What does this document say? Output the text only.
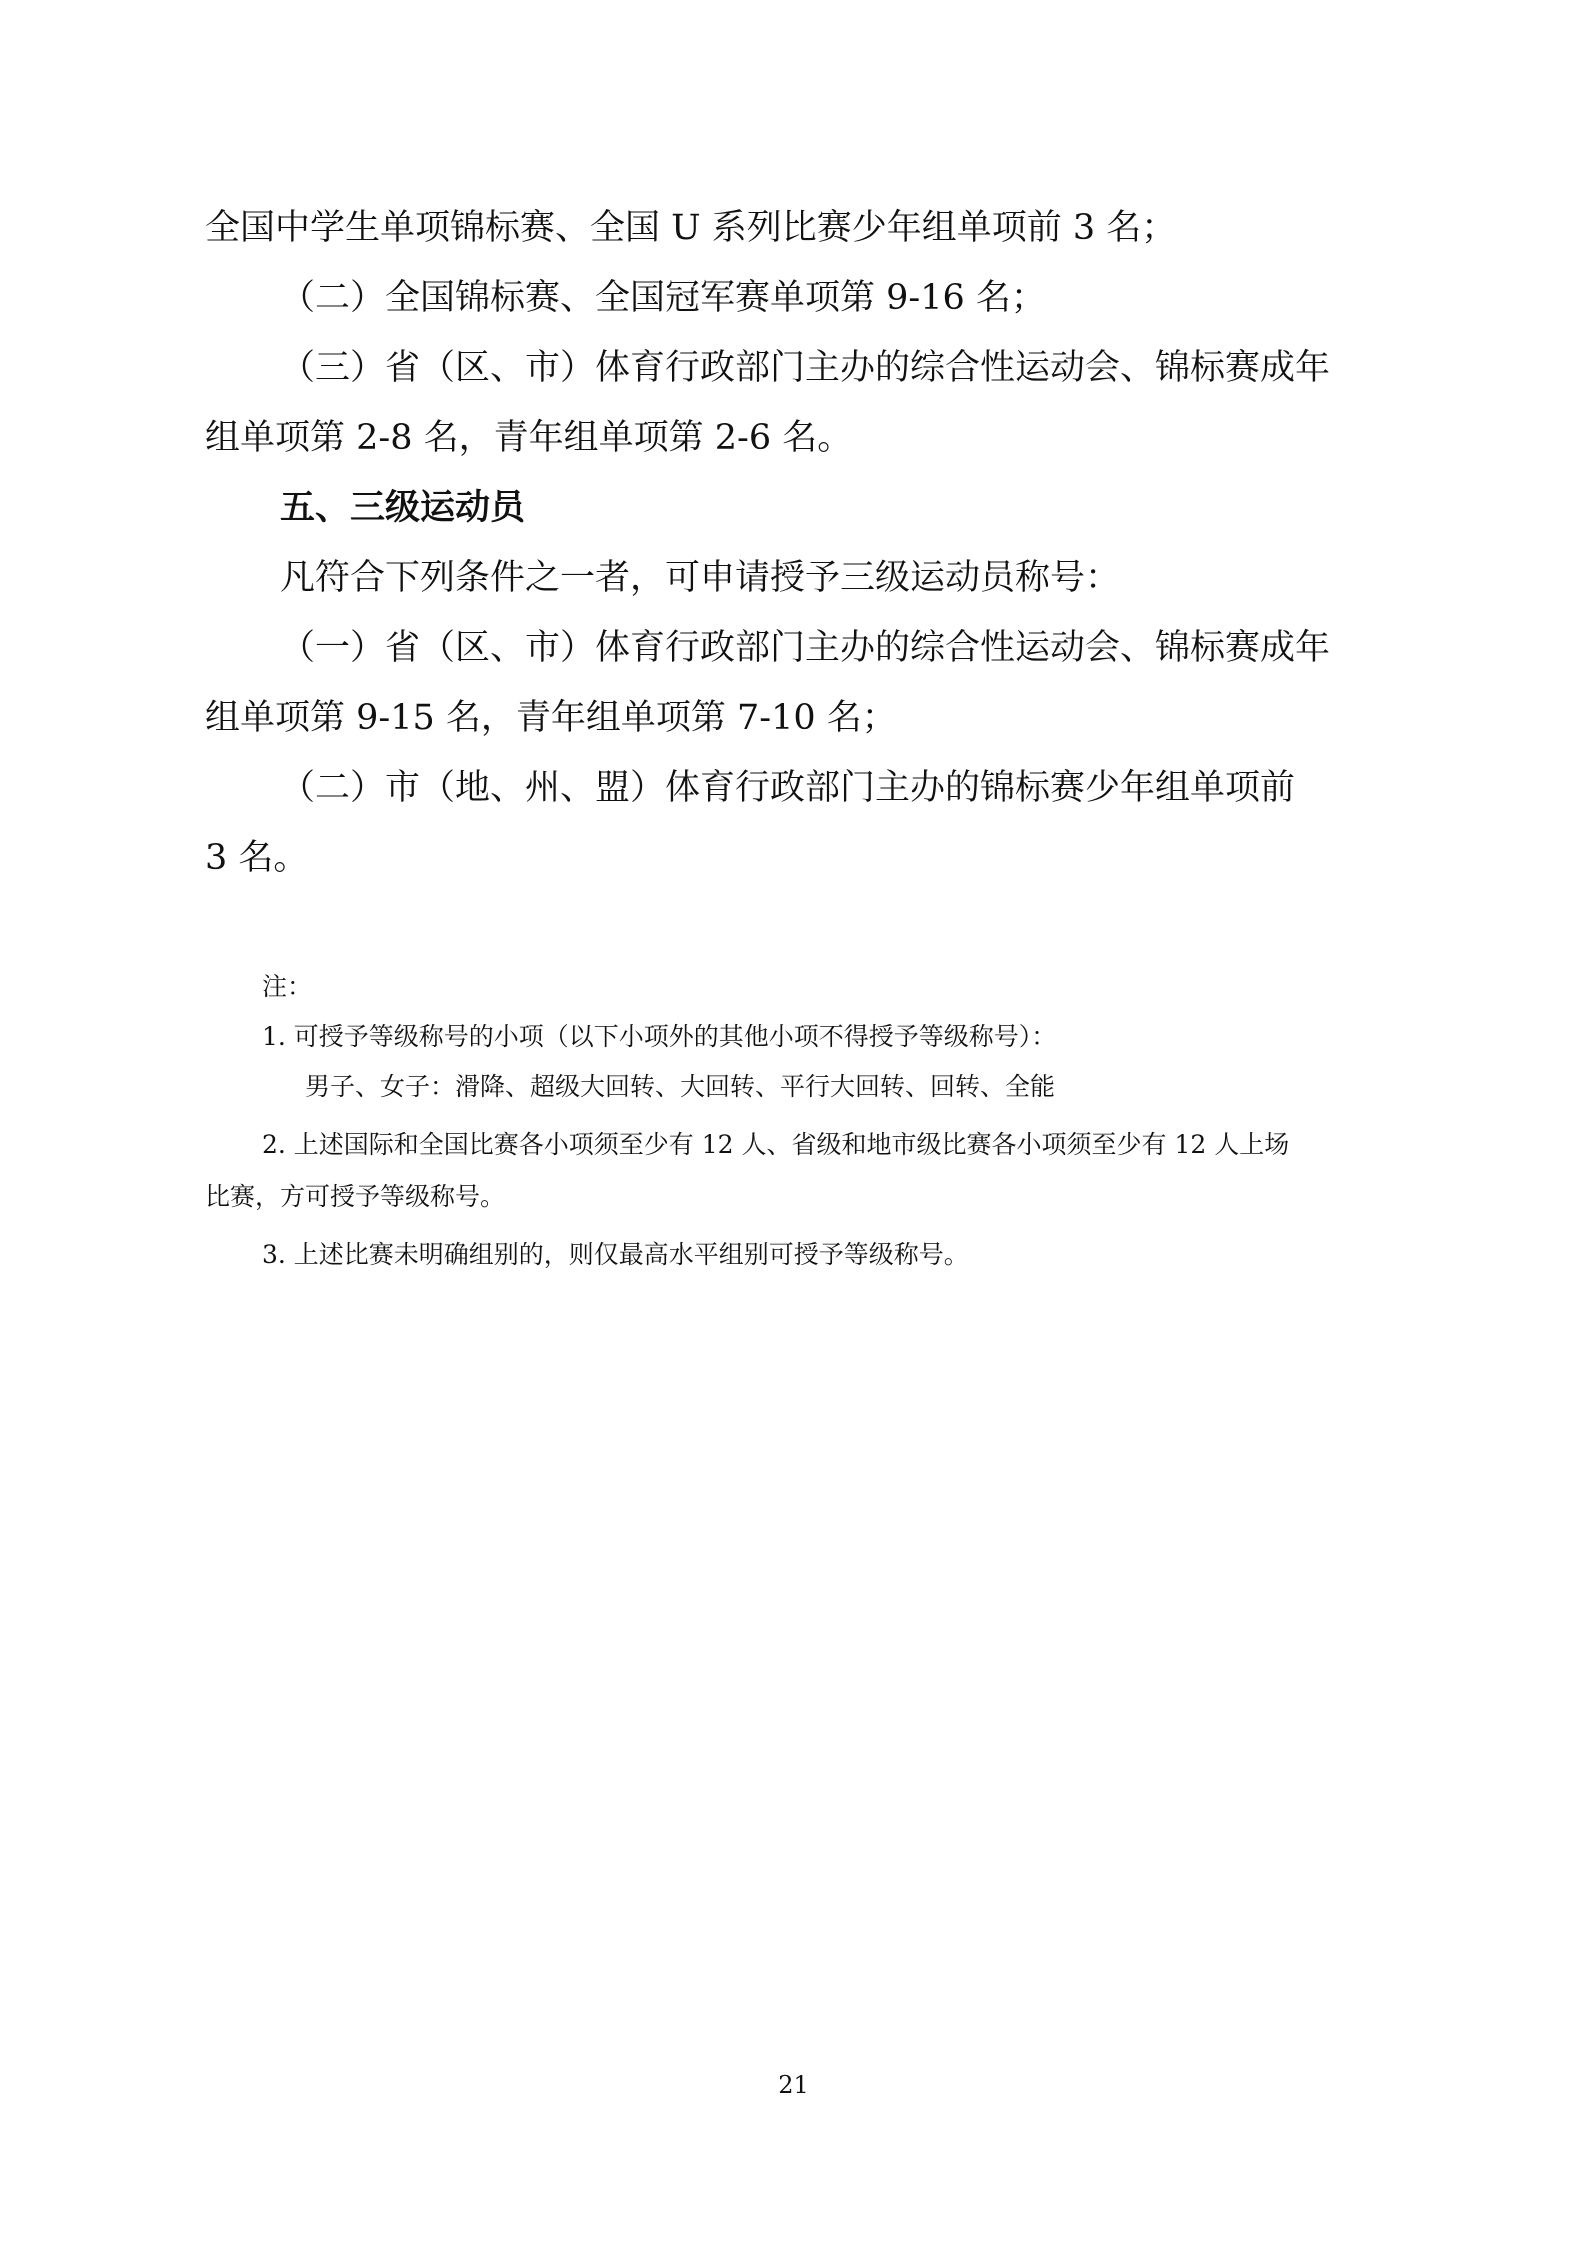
全国中学生单项锦标赛、全国 U 系列比赛少年组单项前 3 名；
（二）全国锦标赛、全国冠军赛单项第 9-16 名；
（三）省（区、市）体育行政部门主办的综合性运动会、锦标赛成年
组单项第 2-8 名，青年组单项第 2-6 名。
五、三级运动员
凡符合下列条件之一者，可申请授予三级运动员称号：
（一）省（区、市）体育行政部门主办的综合性运动会、锦标赛成年
组单项第 9-15 名，青年组单项第 7-10 名；
（二）市（地、州、盟）体育行政部门主办的锦标赛少年组单项前
3 名。
注：
1. 可授予等级称号的小项（以下小项外的其他小项不得授予等级称号）：
男子、女子：滑降、超级大回转、大回转、平行大回转、回转、全能
2. 上述国际和全国比赛各小项须至少有 12 人、省级和地市级比赛各小项须至少有 12 人上场
比赛，方可授予等级称号。
3. 上述比赛未明确组别的，则仅最高水平组别可授予等级称号。
21
